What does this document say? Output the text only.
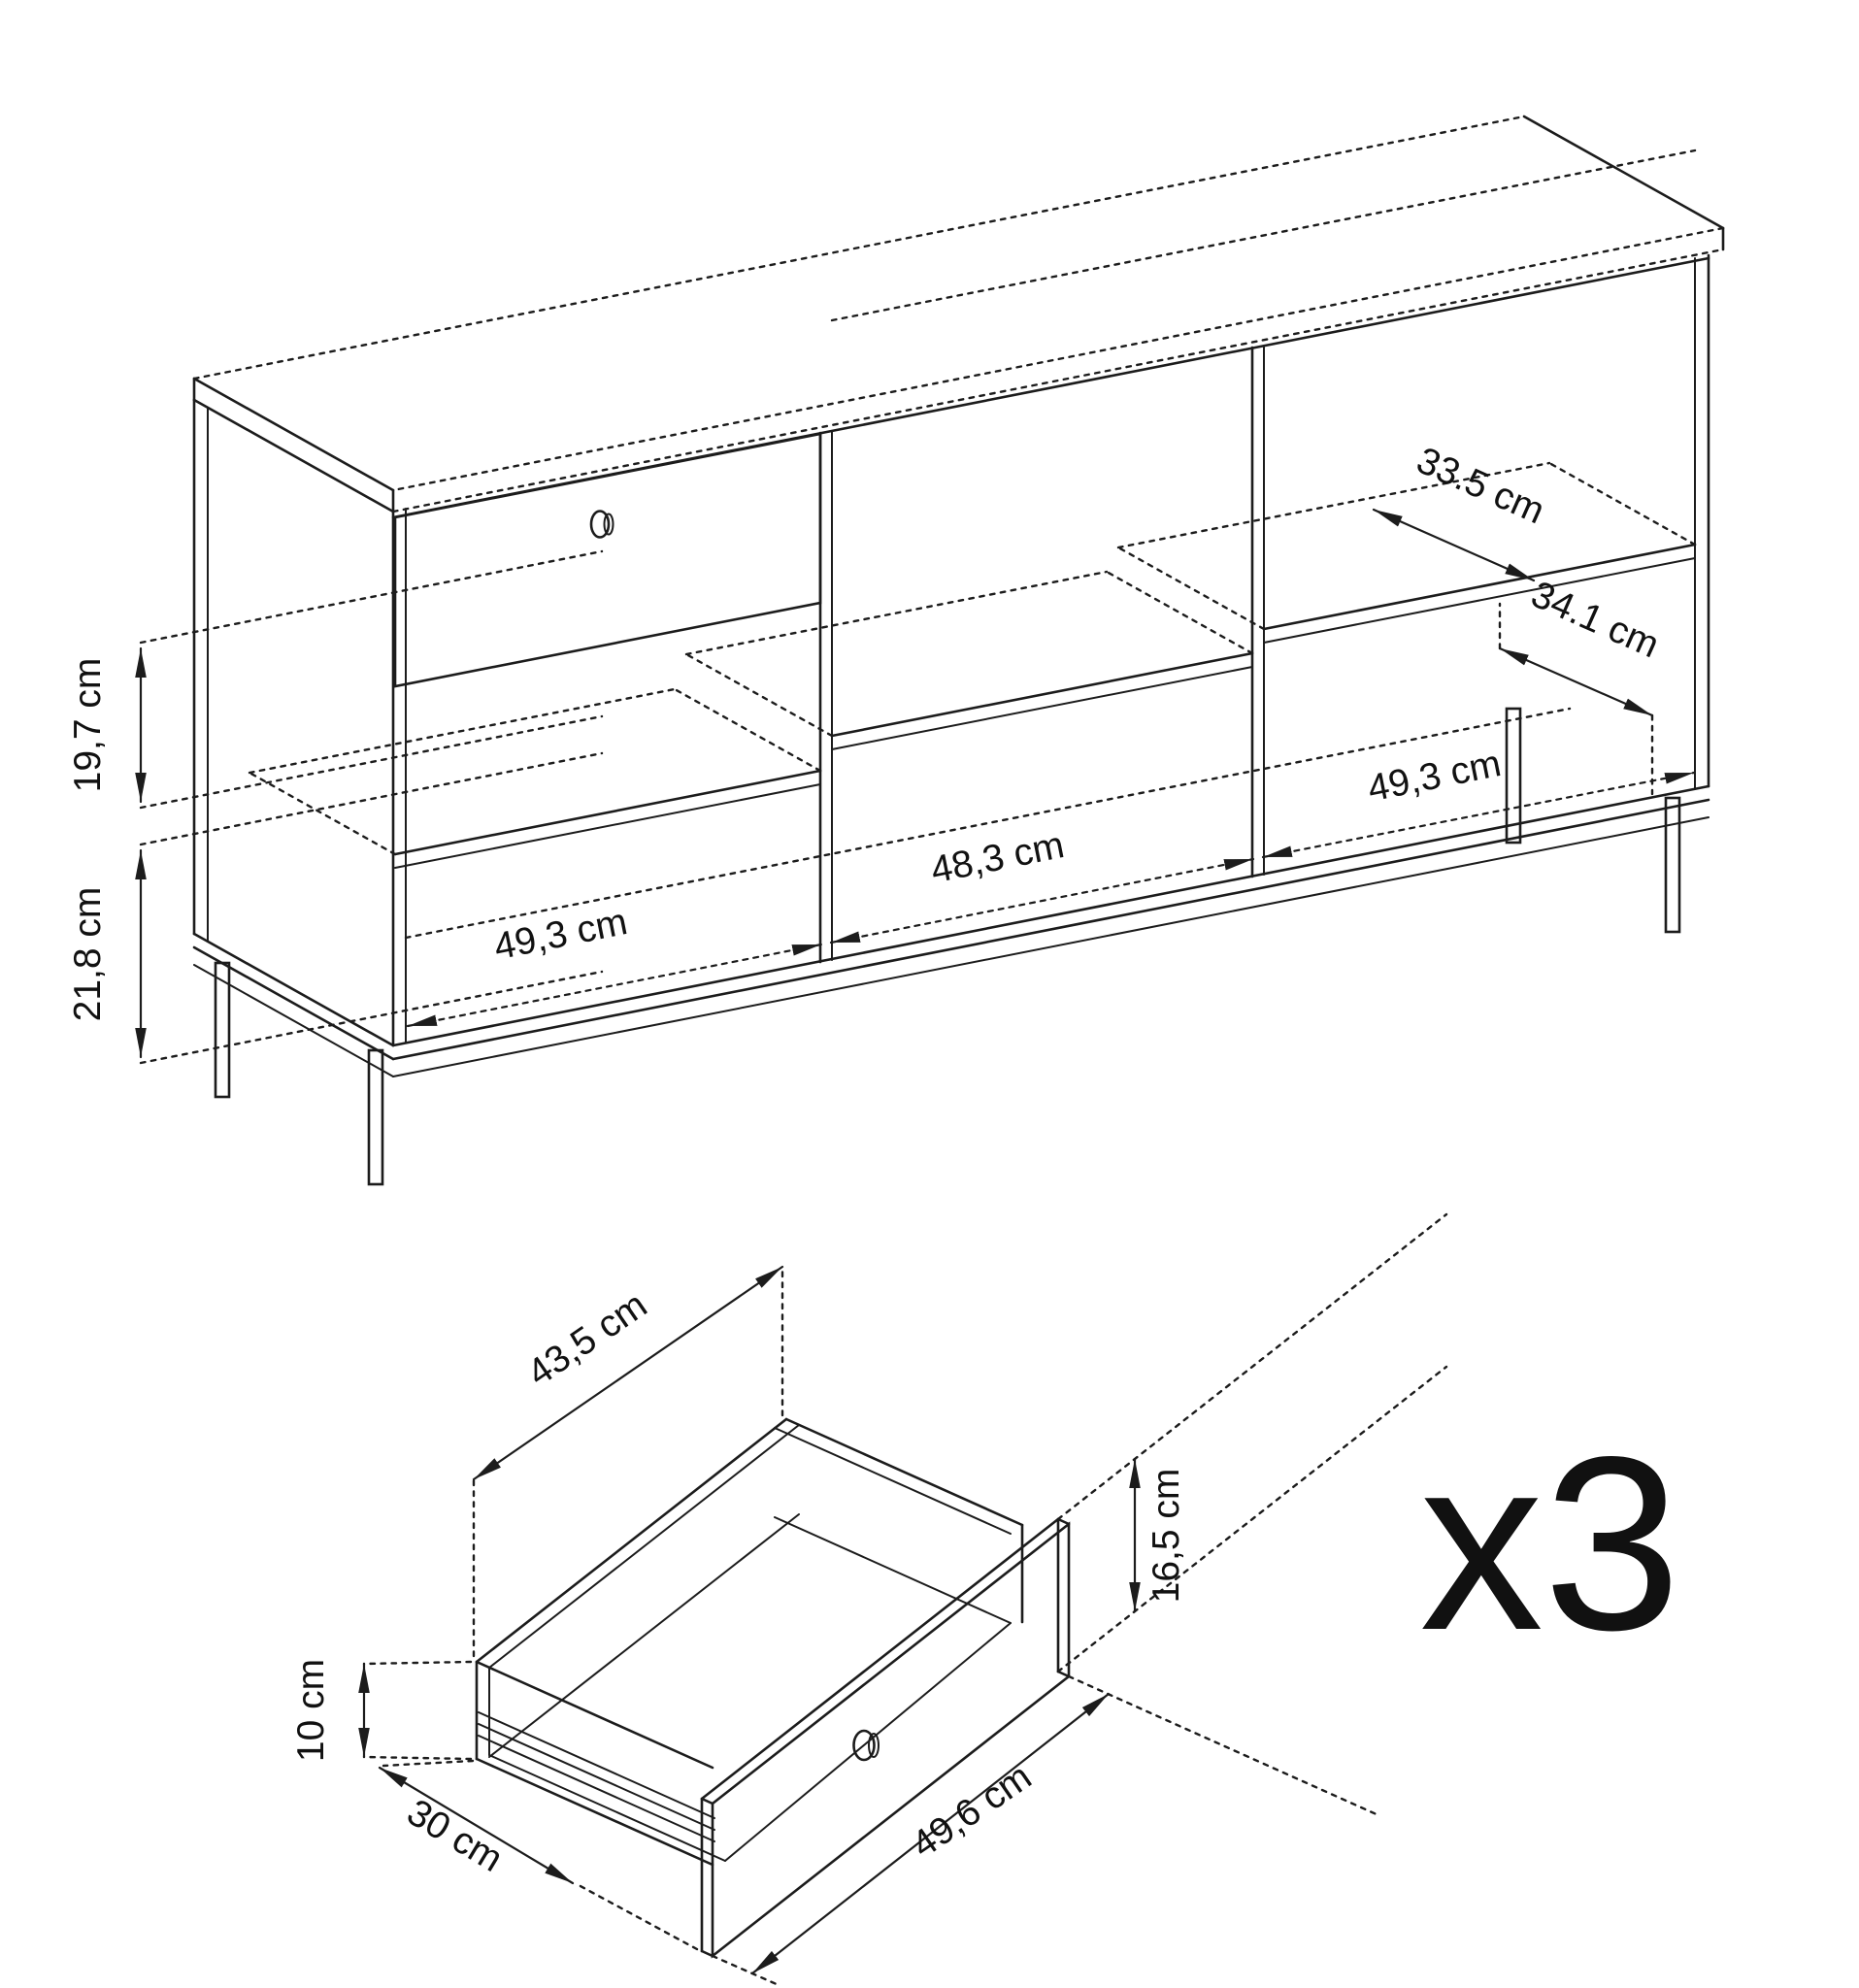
19,7 cm
21,8 cm
33.5 cm
34.1 cm
49,3 cm
48,3 cm
49,3 cm
43,5 cm
16,5 cm
10 cm
30 cm	49,6 cm
x3
